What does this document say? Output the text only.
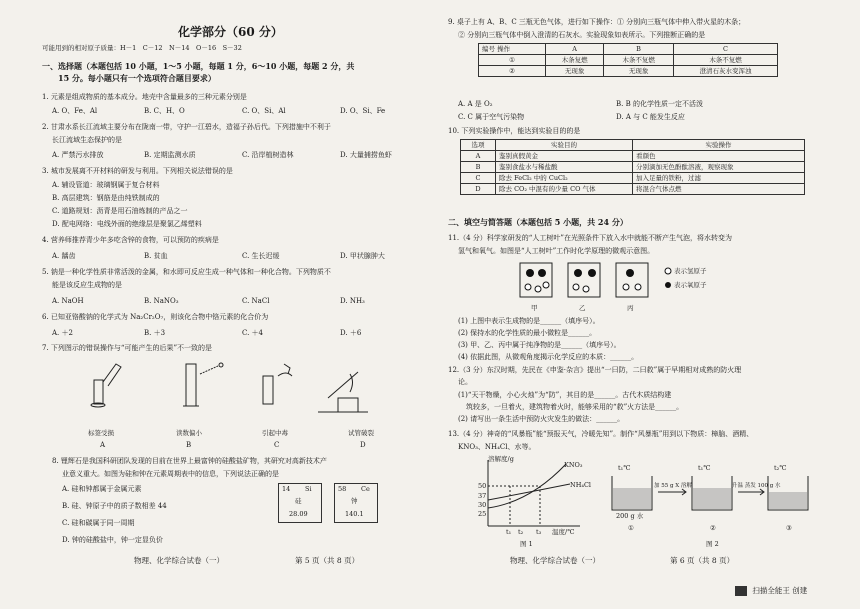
化学部分（60 分）
可能用到的相对原子质量：H－1　C－12　N－14　O－16　S－32
一、选择题（本题包括 10 小题，1～5 小题，每题 1 分，6～10 小题，每题 2 分，共
15 分。每小题只有一个选项符合题目要求）
1. 元素是组成物质的基本成分。地壳中含量最多的三种元素分别是
A. O、Fe、Al	B. C、H、O	C. O、Si、Al	D. O、Si、Fe
2. 甘肃水系长江流域主要分布在陇南一带，守护一江碧水，造福子孙后代。下列措施中不利于
长江流域生态保护的是
A. 严禁污水排放	B. 定期监测水质	C. 沿岸植树造林	D. 大量捕捞鱼虾
3. 城市发展离不开材料的研发与利用。下列相关说法错误的是
A. 辅设管道：玻璃钢属于复合材料
B. 高层建筑：钢筋是由纯铁制成的
C. 道路规划：沥青是用石油炼制的产品之一
D. 配电网络：电线外面的绝缘层是聚氯乙烯塑料
4. 营养师推荐青少年多吃含锌的食物，可以预防的疾病是
A. 龋齿	B. 贫血	C. 生长迟缓	D. 甲状腺肿大
5. 钠是一种化学性质非常活泼的金属，和水即可反应生成一种气体和一种化合物。下列物质不
能是该反应生成物的是
A. NaOH	B. NaNO₃	C. NaCl	D. NH₃
6. 已知亚铬酸钠的化学式为 Na₂Cr₂O₇，则该化合物中铬元素的化合价为
A. ＋2	B. ＋3	C. ＋4	D. ＋6
7. 下列图示的错误操作与“可能产生的后果”不一致的是
标签受损	读数偏小	引起中毒	试管破裂
A	B	C	D
8. 锂辉石是我国科研团队发现的目前在世界上最富钟的硅酸盐矿物，其研究对高新技术产
业意义重大。如图为硅和钟在元素周期表中的信息，下列说法正确的是
A. 硅和钟都属于金属元素
B. 硅、钟原子中的质子数相差 44
C. 硅和碳属于同一周期
D. 钟的硅酸盐中，钟一定显负价
14 Si
硅
28.09
58 Ce
钟
140.1
物理、化学综合试卷（一）	第 5 页（共 8 页）
9. 桌子上有 A、B、C 三瓶无色气体，进行如下操作：① 分别向三瓶气体中伸入带火星的木条；
② 分别向三瓶气体中倒入澄清的石灰水。实验现象如表所示。下列推断正确的是
编号 操作	A	B	C
①	木条复燃	木条不复燃	木条不复燃
②	无现象	无现象	澄清石灰水变浑浊
A. A 是 O₂	B. B 的化学性质一定不活泼
C. C 属于空气污染物	D. A 与 C 能发生反应
10. 下列实验操作中，能达到实验目的的是
选项	实验目的	实验操作
A	鉴别真假黄金	看颜色
B	鉴别食盐水与稀盐酸	分别滴加无色酚酞溶液，观察现象
C	除去 FeCl₂ 中的 CuCl₂	加入足量的铁粉，过滤
D	除去 CO₂ 中混有的少量 CO 气体	将混合气体点燃
二、填空与简答题（本题包括 5 小题，共 24 分）
11.（4 分）科学家研发的“人工树叶”在光照条件下放入水中就能不断产生气泡，将水转变为
氢气和氧气。如图是“人工树叶”工作时化学原理的微观示意图。
表示氢原子
表示氧原子
甲	乙	丙
(1) 上图中表示生成物的是______（填序号）。
(2) 保持水的化学性质的最小微粒是______。
(3) 甲、乙、丙中属于纯净物的是______（填序号）。
(4) 依据此图，从微观角度揭示化学反应的本质：______。
12.（3 分）东汉时期，先民在《申鉴·杂言》提出“一曰防，二曰救”属于早期相对成熟的防火理
论。
(1)“天干物燥，小心火烛”为“防”，其目的是______。古代木质结构建
筑较多，一旦着火，建筑物着火时，能够采用的“救”火方法是______。
(2) 请写出一条生活中预防火灾发生的做法：______。
13.（4 分）神奇的“风暴瓶”能“预报天气，冷暖先知”。制作“风暴瓶”用到以下物质：樟脑、酒精、
KNO₃、NH₄Cl、水等。
溶解度/g
KNO₃
NH₄Cl
50
37
30
25
t₁ t₂ t₃ 温度/℃
图 1
t₁℃	t₁℃	t₂℃
200 g 水
加 55 g X 溶解	升温 蒸发 100 g 水
①	②	③
图 2
物理、化学综合试卷（一）	第 6 页（共 8 页）
扫描全能王 创建
